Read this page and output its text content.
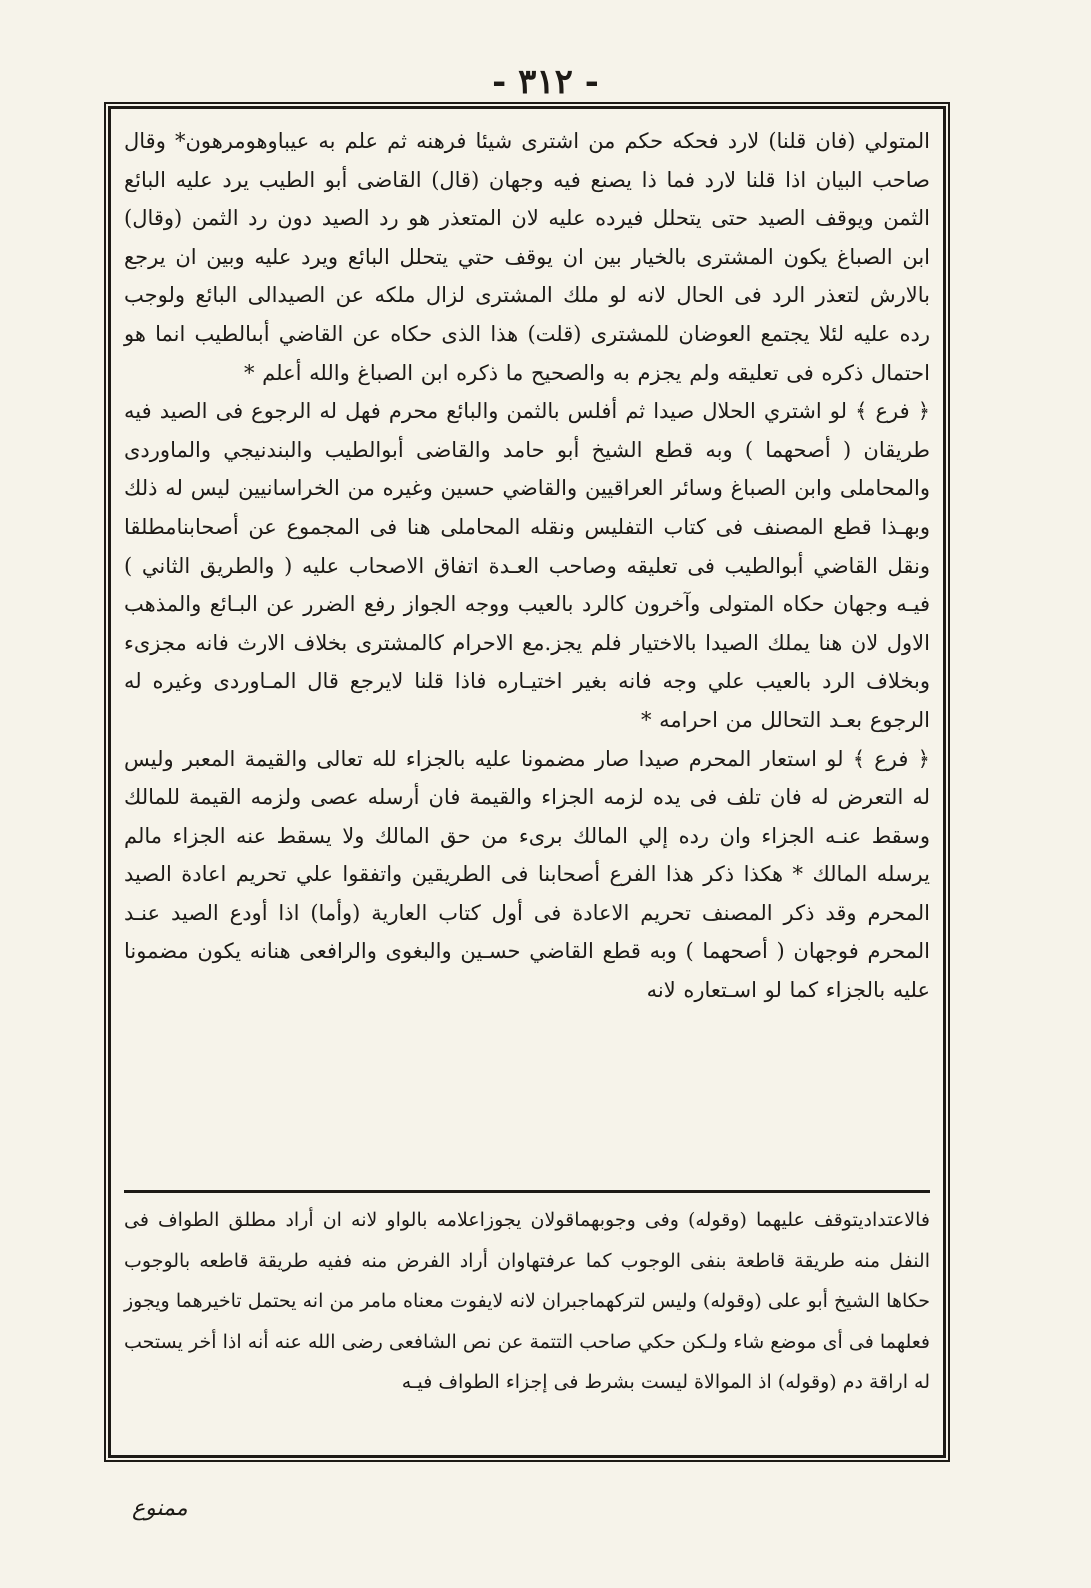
- ٣١٢ -

المتولي (فان قلنا) لارد فحكه حكم من اشترى شيئا فرهنه ثم علم به عيباوهومرهون* وقال صاحب البيان اذا قلنا لارد فما ذا يصنع فيه وجهان (قال) القاضى أبو الطيب يرد عليه البائع الثمن ويوقف الصيد حتى يتحلل فيرده عليه لان المتعذر هو رد الصيد دون رد الثمن (وقال) ابن الصباغ يكون المشترى بالخيار بين ان يوقف حتي يتحلل البائع ويرد عليه وبين ان يرجع بالارش لتعذر الرد فى الحال لانه لو ملك المشترى لزال ملكه عن الصيدالى البائع ولوجب رده عليه لئلا يجتمع العوضان للمشترى (قلت) هذا الذى حكاه عن القاضي أبىالطيب انما هو احتمال ذكره فى تعليقه ولم يجزم به والصحيح ما ذكره ابن الصباغ والله أعلم *

﴿ فرع ﴾ لو اشتري الحلال صيدا ثم أفلس بالثمن والبائع محرم فهل له الرجوع فى الصيد فيه طريقان ( أصحهما ) وبه قطع الشيخ أبو حامد والقاضى أبوالطيب والبندنيجي والماوردى والمحاملى وابن الصباغ وسائر العراقيين والقاضي حسين وغيره من الخراسانيين ليس له ذلك وبهـذا قطع المصنف فى كتاب التفليس ونقله المحاملى هنا فى المجموع عن أصحابنامطلقا ونقل القاضي أبوالطيب فى تعليقه وصاحب العـدة اتفاق الاصحاب عليه ( والطريق الثاني ) فيـه وجهان حكاه المتولى وآخرون كالرد بالعيب ووجه الجواز رفع الضرر عن البـائع والمذهب الاول لان هنا يملك الصيدا بالاختيار فلم يجز.مع الاحرام كالمشترى بخلاف الارث فانه مجزىء وبخلاف الرد بالعيب علي وجه فانه بغير اختيـاره فاذا قلنا لايرجع قال المـاوردى وغيره له الرجوع بعـد التحالل من احرامه *

﴿ فرع ﴾ لو استعار المحرم صيدا صار مضمونا عليه بالجزاء لله تعالى والقيمة المعبر وليس له التعرض له فان تلف فى يده لزمه الجزاء والقيمة فان أرسله عصى ولزمه القيمة للمالك وسقط عنـه الجزاء وان رده إلي المالك برىء من حق المالك ولا يسقط عنه الجزاء مالم يرسله المالك * هكذا ذكر هذا الفرع أصحابنا فى الطريقين واتفقوا علي تحريم اعادة الصيد المحرم وقد ذكر المصنف تحريم الاعادة فى أول كتاب العارية (وأما) اذا أودع الصيد عنـد المحرم فوجهان ( أصحهما ) وبه قطع القاضي حسـين والبغوى والرافعى هنانه يكون مضمونا عليه بالجزاء كما لو اسـتعاره لانه

فالاعتداديتوقف عليهما (وقوله) وفى وجوبهماقولان يجوزاعلامه بالواو لانه ان أراد مطلق الطواف فى النفل منه طريقة قاطعة بنفى الوجوب كما عرفتهاوان أراد الفرض منه ففيه طريقة قاطعه بالوجوب حكاها الشيخ أبو على (وقوله) وليس لتركهماجبران لانه لايفوت معناه مامر من انه يحتمل تاخيرهما ويجوز فعلهما فى أى موضع شاء ولـكن حكي صاحب التتمة عن نص الشافعى رضى الله عنه أنه اذا أخر يستحب له اراقة دم (وقوله) اذ الموالاة ليست بشرط فى إجزاء الطواف فيـه

ممنوع
